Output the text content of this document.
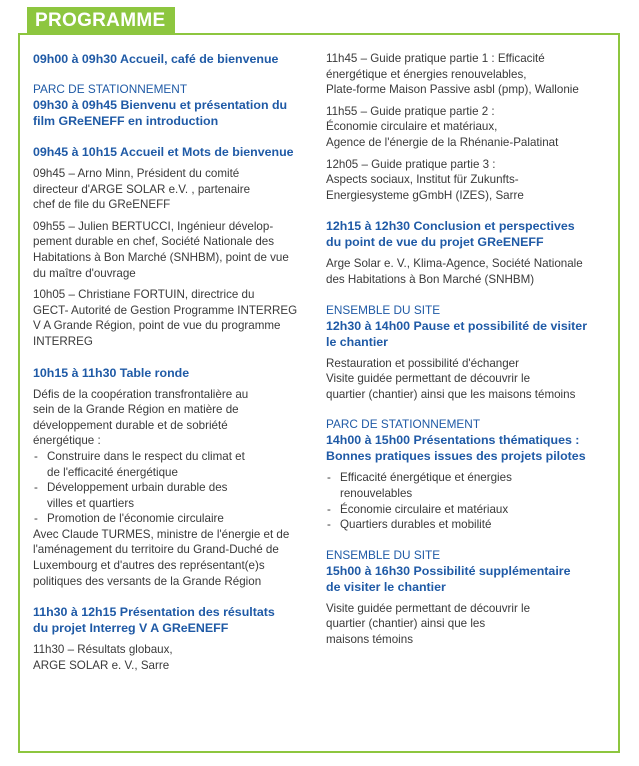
PROGRAMME
09h00 à 09h30 Accueil, café de bienvenue
PARC DE STATIONNEMENT
09h30 à 09h45 Bienvenu et présentation du
film GReENEFF en introduction
09h45 à 10h15 Accueil et Mots de bienvenue
09h45 – Arno Minn, Président du comité
directeur d'ARGE SOLAR e.V. , partenaire
chef de file du GReENEFF
09h55 – Julien BERTUCCI, Ingénieur dévelop-
pement durable en chef, Société Nationale des
Habitations à Bon Marché (SNHBM), point de vue
du maître d'ouvrage
10h05 – Christiane FORTUIN, directrice du
GECT- Autorité de Gestion Programme INTERREG
V A Grande Région, point de vue du programme
INTERREG
10h15 à 11h30 Table ronde
Défis de la coopération transfrontalière au
sein de la Grande Région en matière de
développement durable et de sobriété
énergétique :
- Construire dans le respect du climat et
de l'efficacité énergétique
- Développement urbain durable des
villes et quartiers
- Promotion de l'économie circulaire
Avec Claude TURMES, ministre de l'énergie et de
l'aménagement du territoire du Grand-Duché de
Luxembourg et d'autres des représentant(e)s
politiques des versants de la Grande Région
11h30 à 12h15 Présentation des résultats
du projet Interreg V A GReENEFF
11h30 – Résultats globaux,
ARGE SOLAR e. V., Sarre
11h45 – Guide pratique partie 1 : Efficacité
énergétique et énergies renouvelables,
Plate-forme Maison Passive asbl (pmp), Wallonie
11h55 – Guide pratique partie 2 :
Économie circulaire et matériaux,
Agence de l'énergie de la Rhénanie-Palatinat
12h05 – Guide pratique partie 3 :
Aspects sociaux, Institut für Zukunfts-
Energiesysteme gGmbH (IZES), Sarre
12h15 à 12h30 Conclusion et perspectives
du point de vue du projet GReENEFF
Arge Solar e. V., Klima-Agence, Société Nationale
des Habitations à Bon Marché (SNHBM)
ENSEMBLE DU SITE
12h30 à 14h00 Pause et possibilité de visiter
le chantier
Restauration et possibilité d'échanger
Visite guidée permettant de découvrir le
quartier (chantier) ainsi que les maisons témoins
PARC DE STATIONNEMENT
14h00 à 15h00 Présentations thématiques :
Bonnes pratiques issues des projets pilotes
- Efficacité énergétique et énergies
renouvelables
- Économie circulaire et matériaux
- Quartiers durables et mobilité
ENSEMBLE DU SITE
15h00 à 16h30 Possibilité supplémentaire
de visiter le chantier
Visite guidée permettant de découvrir le
quartier (chantier) ainsi que les
maisons témoins
